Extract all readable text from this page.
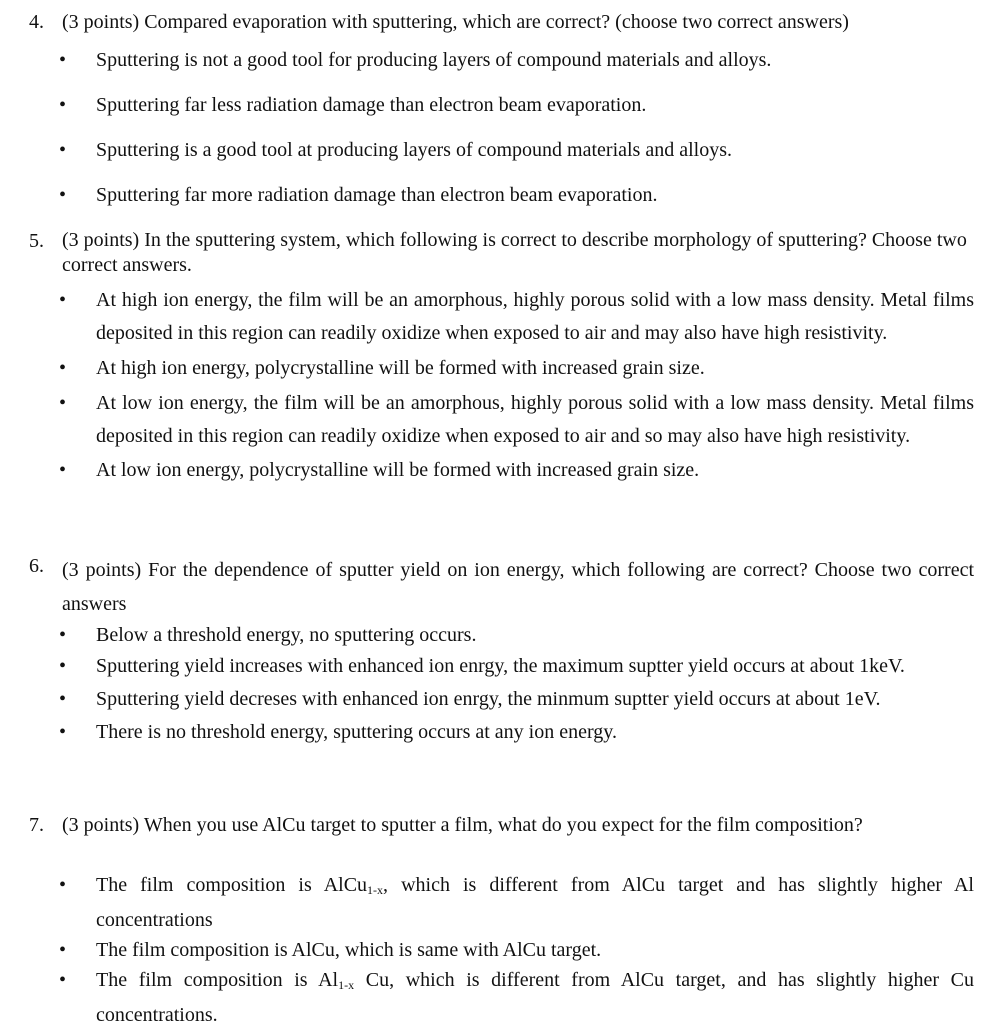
4. (3 points) Compared evaporation with sputtering, which are correct? (choose two correct answers)
• Sputtering is not a good tool for producing layers of compound materials and alloys.
• Sputtering far less radiation damage than electron beam evaporation.
• Sputtering is a good tool at producing layers of compound materials and alloys.
• Sputtering far more radiation damage than electron beam evaporation.
5. (3 points) In the sputtering system, which following is correct to describe morphology of sputtering? Choose two correct answers.
• At high ion energy, the film will be an amorphous, highly porous solid with a low mass density. Metal films deposited in this region can readily oxidize when exposed to air and may also have high resistivity.
• At high ion energy, polycrystalline will be formed with increased grain size.
• At low ion energy, the film will be an amorphous, highly porous solid with a low mass density. Metal films deposited in this region can readily oxidize when exposed to air and so may also have high resistivity.
• At low ion energy, polycrystalline will be formed with increased grain size.
6. (3 points) For the dependence of sputter yield on ion energy, which following are correct? Choose two correct answers
• Below a threshold energy, no sputtering occurs.
• Sputtering yield increases with enhanced ion enrgy, the maximum suptter yield occurs at about 1keV.
• Sputtering yield decreses with enhanced ion enrgy, the minmum suptter yield occurs at about 1eV.
• There is no threshold energy, sputtering occurs at any ion energy.
7. (3 points) When you use AlCu target to sputter a film, what do you expect for the film composition?
• The film composition is AlCu$_{1-x}$, which is different from AlCu target and has slightly higher Al concentrations
• The film composition is AlCu, which is same with AlCu target.
• The film composition is $Al_{1-x}$ Cu, which is different from AlCu target, and has slightly higher Cu concentrations.
